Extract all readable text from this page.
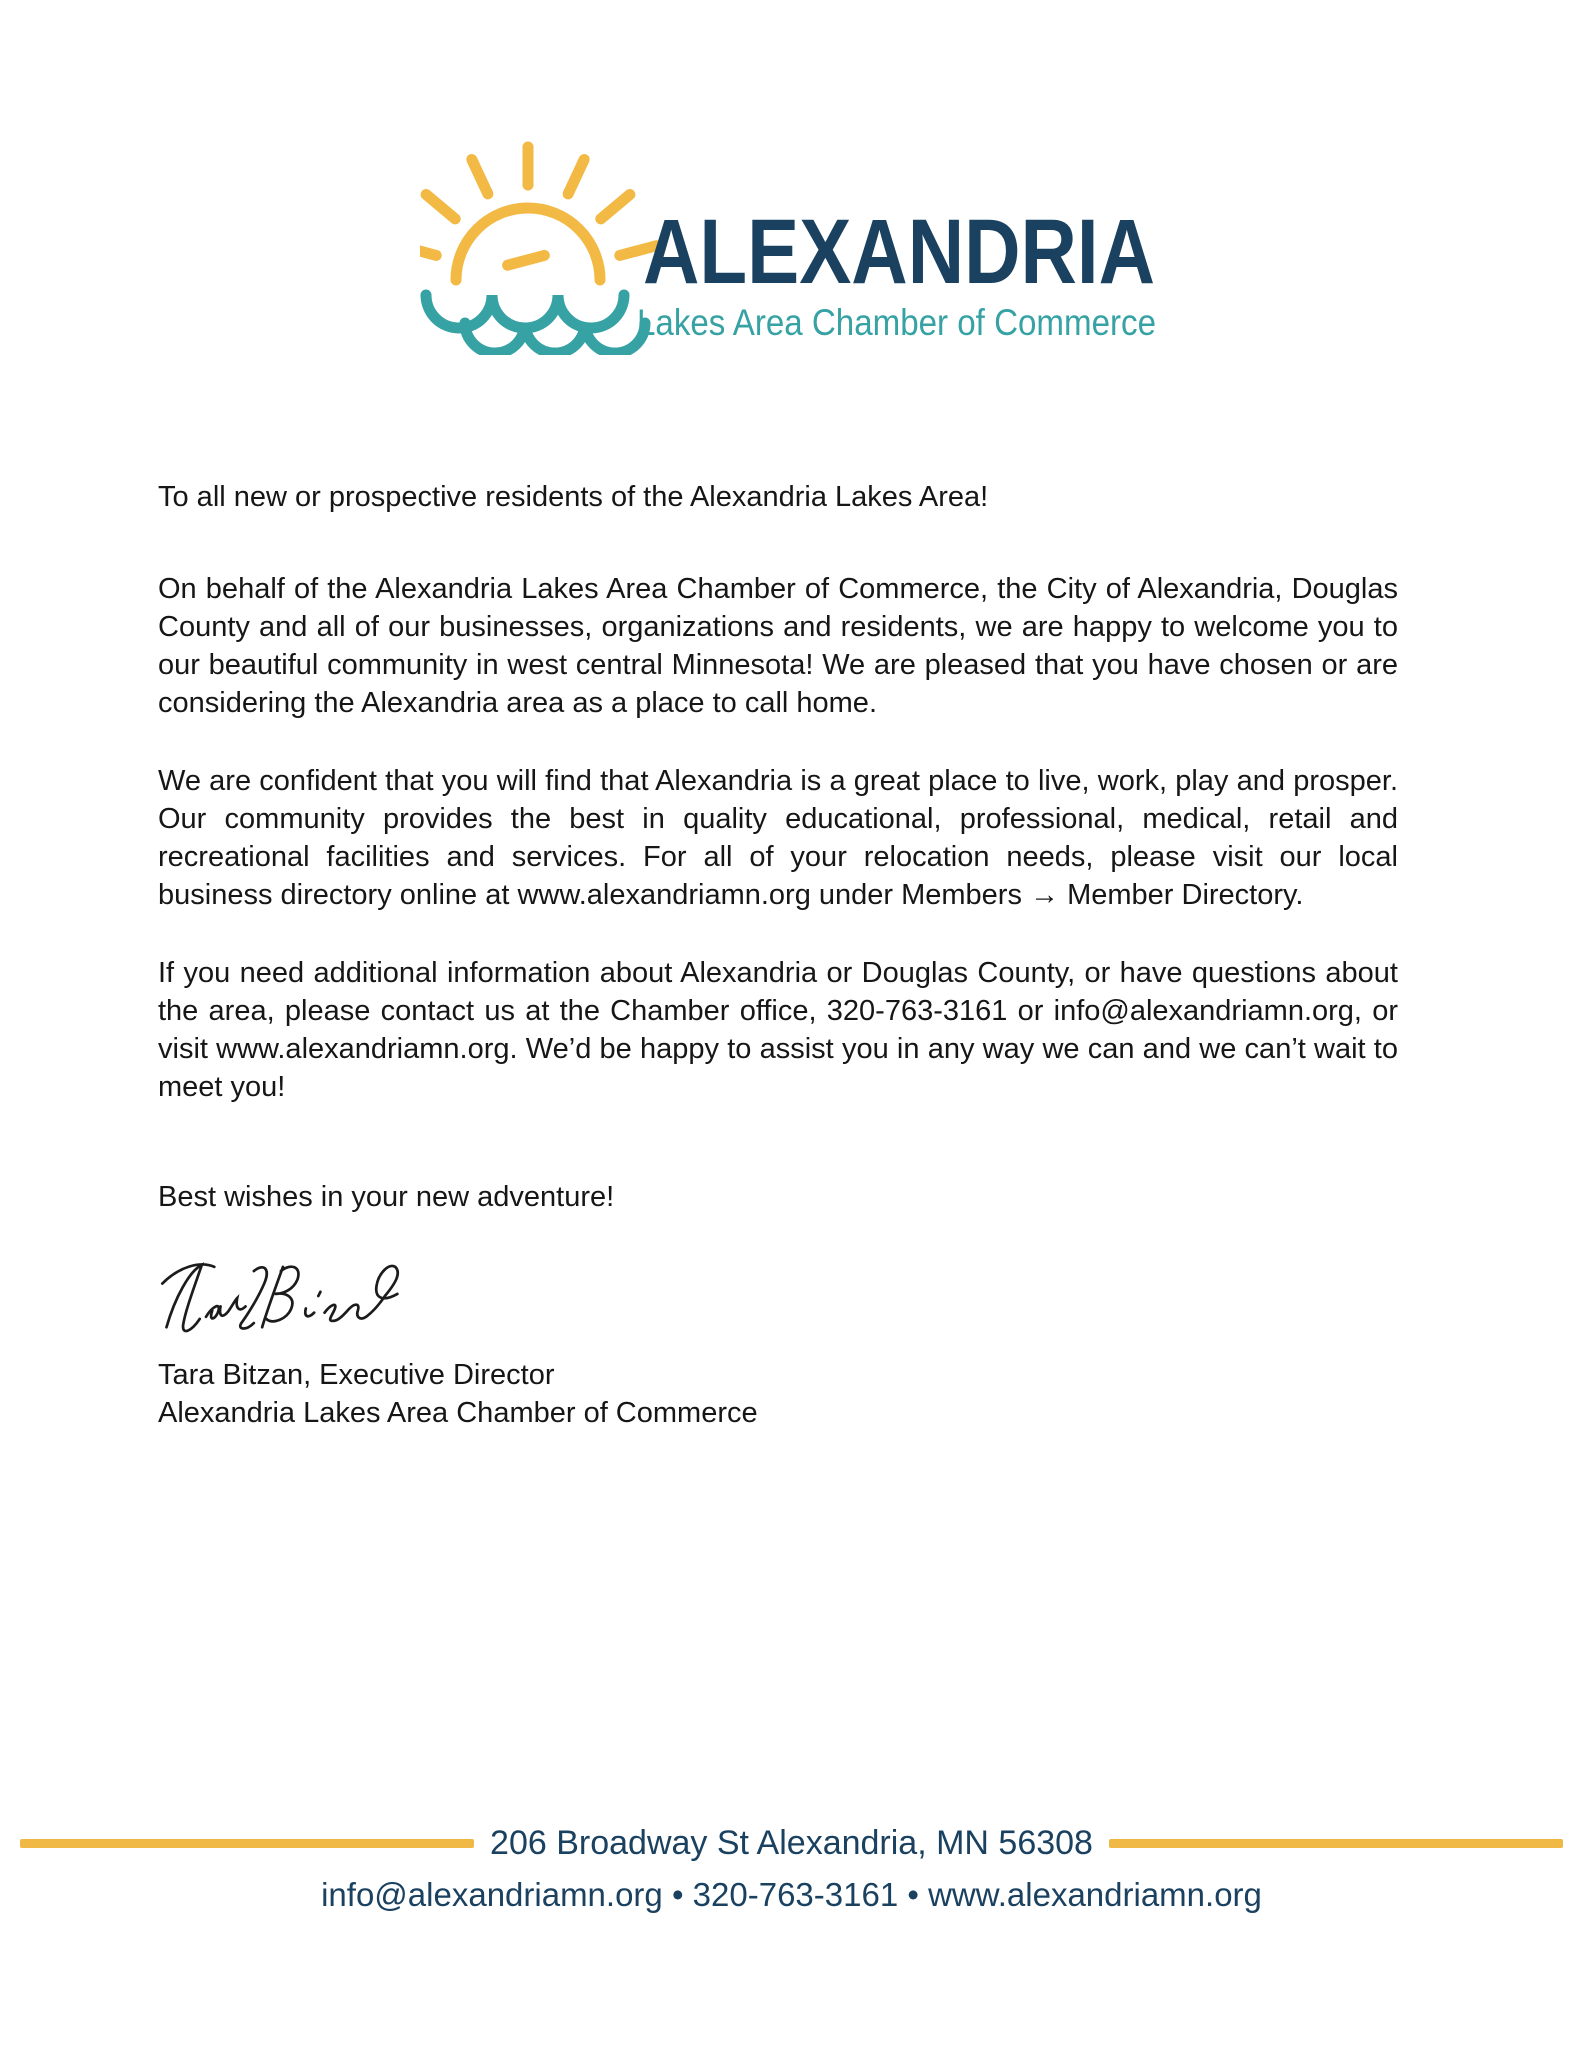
ALEXANDRIA
Lakes Area Chamber of Commerce

To all new or prospective residents of the Alexandria Lakes Area!

On behalf of the Alexandria Lakes Area Chamber of Commerce, the City of Alexandria, Douglas County and all of our businesses, organizations and residents, we are happy to welcome you to our beautiful community in west central Minnesota! We are pleased that you have chosen or are considering the Alexandria area as a place to call home.

We are confident that you will find that Alexandria is a great place to live, work, play and prosper. Our community provides the best in quality educational, professional, medical, retail and recreational facilities and services. For all of your relocation needs, please visit our local business directory online at www.alexandriamn.org under Members → Member Directory.

If you need additional information about Alexandria or Douglas County, or have questions about the area, please contact us at the Chamber office, 320-763-3161 or info@alexandriamn.org, or visit www.alexandriamn.org. We’d be happy to assist you in any way we can and we can’t wait to meet you!

Best wishes in your new adventure!

Tara Bitzan, Executive Director

Alexandria Lakes Area Chamber of Commerce

206 Broadway St Alexandria, MN 56308
info@alexandriamn.org • 320-763-3161 • www.alexandriamn.org
